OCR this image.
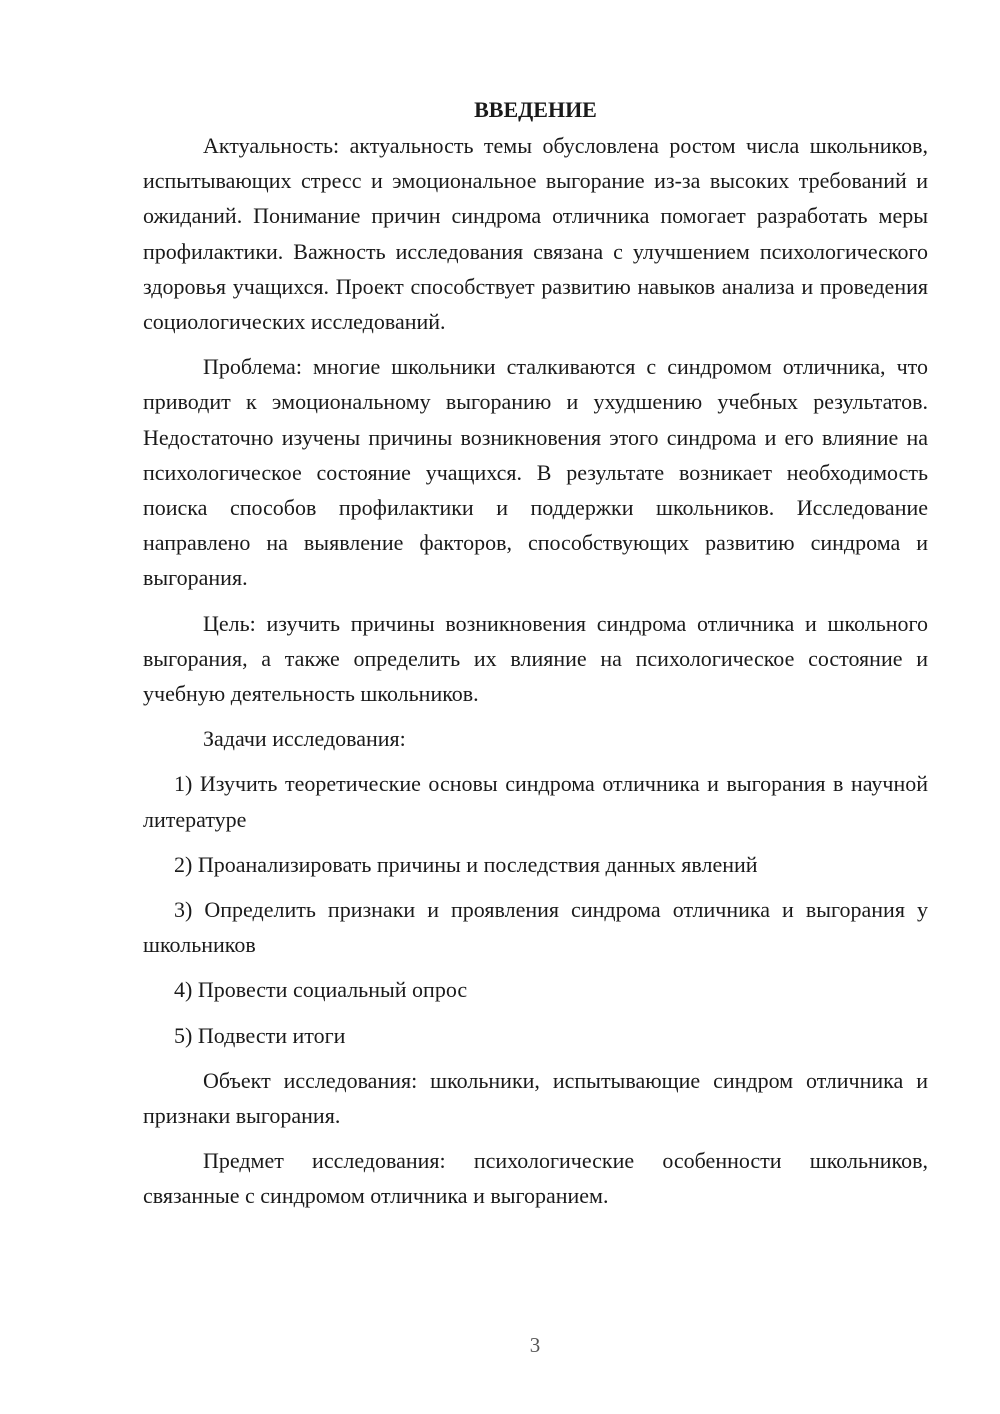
ВВЕДЕНИЕ

Актуальность: актуальность темы обусловлена ростом числа школьников, испытывающих стресс и эмоциональное выгорание из-за высоких требований и ожиданий. Понимание причин синдрома отличника помогает разработать меры профилактики. Важность исследования связана с улучшением психологического здоровья учащихся. Проект способствует развитию навыков анализа и проведения социологических исследований.

Проблема: многие школьники сталкиваются с синдромом отличника, что приводит к эмоциональному выгоранию и ухудшению учебных результатов. Недостаточно изучены причины возникновения этого синдрома и его влияние на психологическое состояние учащихся. В результате возникает необходимость поиска способов профилактики и поддержки школьников. Исследование направлено на выявление факторов, способствующих развитию синдрома и выгорания.

Цель: изучить причины возникновения синдрома отличника и школьного выгорания, а также определить их влияние на психологическое состояние и учебную деятельность школьников.

Задачи исследования:

1) Изучить теоретические основы синдрома отличника и выгорания в научной литературе

2) Проанализировать причины и последствия данных явлений

3) Определить признаки и проявления синдрома отличника и выгорания у школьников

4) Провести социальный опрос

5) Подвести итоги

Объект исследования: школьники, испытывающие синдром отличника и признаки выгорания.

Предмет исследования: психологические особенности школьников, связанные с синдромом отличника и выгоранием.

3
